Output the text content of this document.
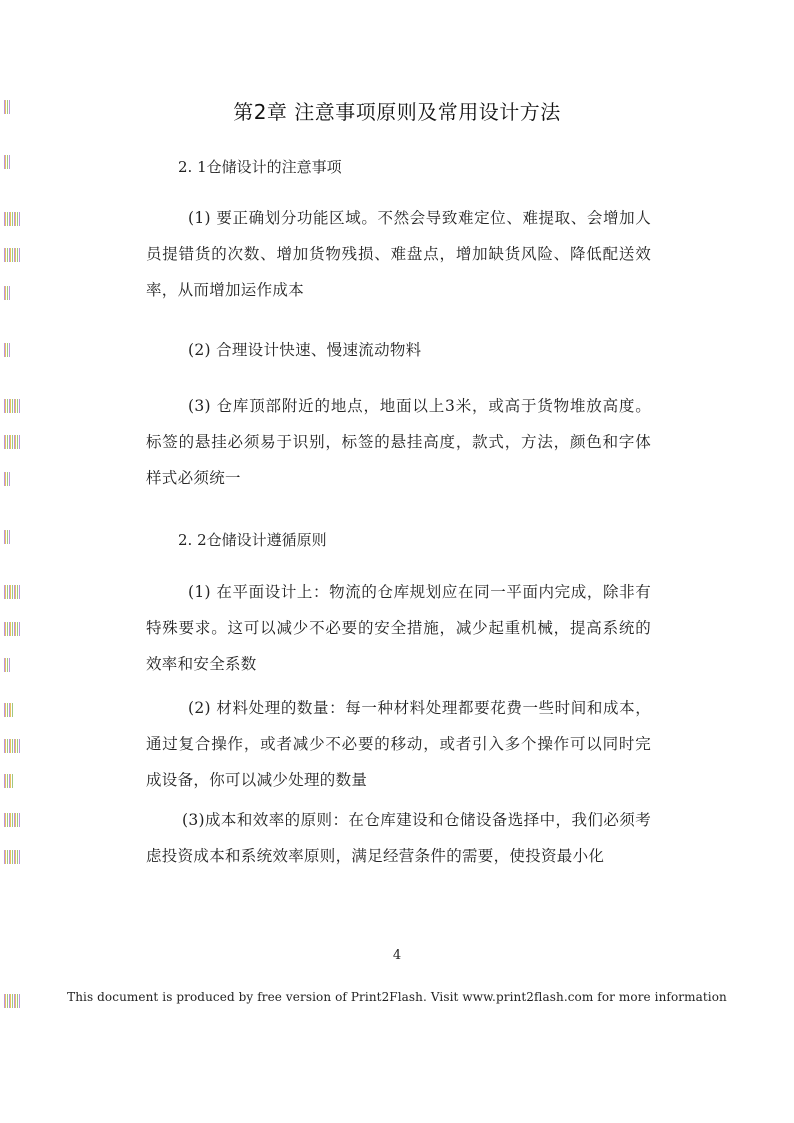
第2章 注意事项原则及常用设计方法
2. 1仓储设计的注意事项
(1) 要正确划分功能区域。不然会导致难定位、难提取、会增加人员提错货的次数、增加货物残损、难盘点，增加缺货风险、降低配送效率，从而增加运作成本
(2) 合理设计快速、慢速流动物料
(3) 仓库顶部附近的地点，地面以上3米，或高于货物堆放高度。标签的悬挂必须易于识别，标签的悬挂高度，款式，方法，颜色和字体样式必须统一
2. 2仓储设计遵循原则
(1) 在平面设计上：物流的仓库规划应在同一平面内完成，除非有特殊要求。这可以减少不必要的安全措施，减少起重机械，提高系统的效率和安全系数
(2) 材料处理的数量：每一种材料处理都要花费一些时间和成本，通过复合操作，或者减少不必要的移动，或者引入多个操作可以同时完成设备，你可以减少处理的数量
(3)成本和效率的原则：在仓库建设和仓储设备选择中，我们必须考虑投资成本和系统效率原则，满足经营条件的需要，使投资最小化
4
This document is produced by free version of Print2Flash. Visit www.print2flash.com for more information
